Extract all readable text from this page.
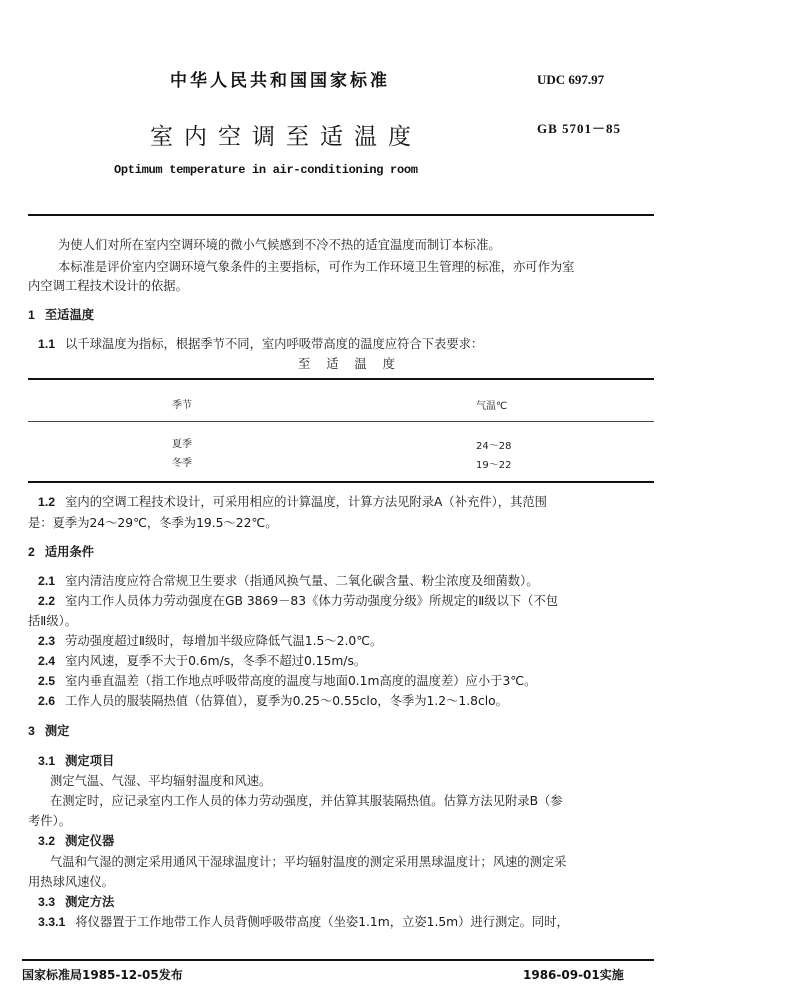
中华人民共和国国家标准	UDC 697.97
室内空调至适温度	GB 5701－85
Optimum temperature in air-conditioning room
为使人们对所在室内空调环境的微小气候感到不冷不热的适宜温度而制订本标准。
本标准是评价室内空调环境气象条件的主要指标，可作为工作环境卫生管理的标准，亦可作为室
内空调工程技术设计的依据。
1 至适温度
1.1 以千球温度为指标，根据季节不同，室内呼吸带高度的温度应符合下表要求：
至 适 温 度
季节	气温℃
夏季	24～28
冬季	19～22
1.2 室内的空调工程技术设计，可采用相应的计算温度，计算方法见附录A（补充件），其范围
是：夏季为24～29℃，冬季为19.5～22℃。
2 适用条件
2.1 室内清洁度应符合常规卫生要求（指通风换气量、二氧化碳含量、粉尘浓度及细菌数）。
2.2 室内工作人员体力劳动强度在GB 3869－83《体力劳动强度分级》所规定的Ⅱ级以下（不包
括Ⅱ级）。
2.3 劳动强度超过Ⅱ级时，每增加半级应降低气温1.5～2.0℃。
2.4 室内风速，夏季不大于0.6m/s，冬季不超过0.15m/s。
2.5 室内垂直温差（指工作地点呼吸带高度的温度与地面0.1m高度的温度差）应小于3℃。
2.6 工作人员的服装隔热值（估算值），夏季为0.25～0.55clo，冬季为1.2～1.8clo。
3 测定
3.1 测定项目
测定气温、气湿、平均辐射温度和风速。
在测定时，应记录室内工作人员的体力劳动强度，并估算其服装隔热值。估算方法见附录B（参
考件）。
3.2 测定仪器
气温和气湿的测定采用通风干湿球温度计；平均辐射温度的测定采用黑球温度计；风速的测定采
用热球风速仪。
3.3 测定方法
3.3.1 将仪器置于工作地带工作人员背侧呼吸带高度（坐姿1.1m，立姿1.5m）进行测定。同时，
国家标准局1985-12-05发布	1986-09-01实施
